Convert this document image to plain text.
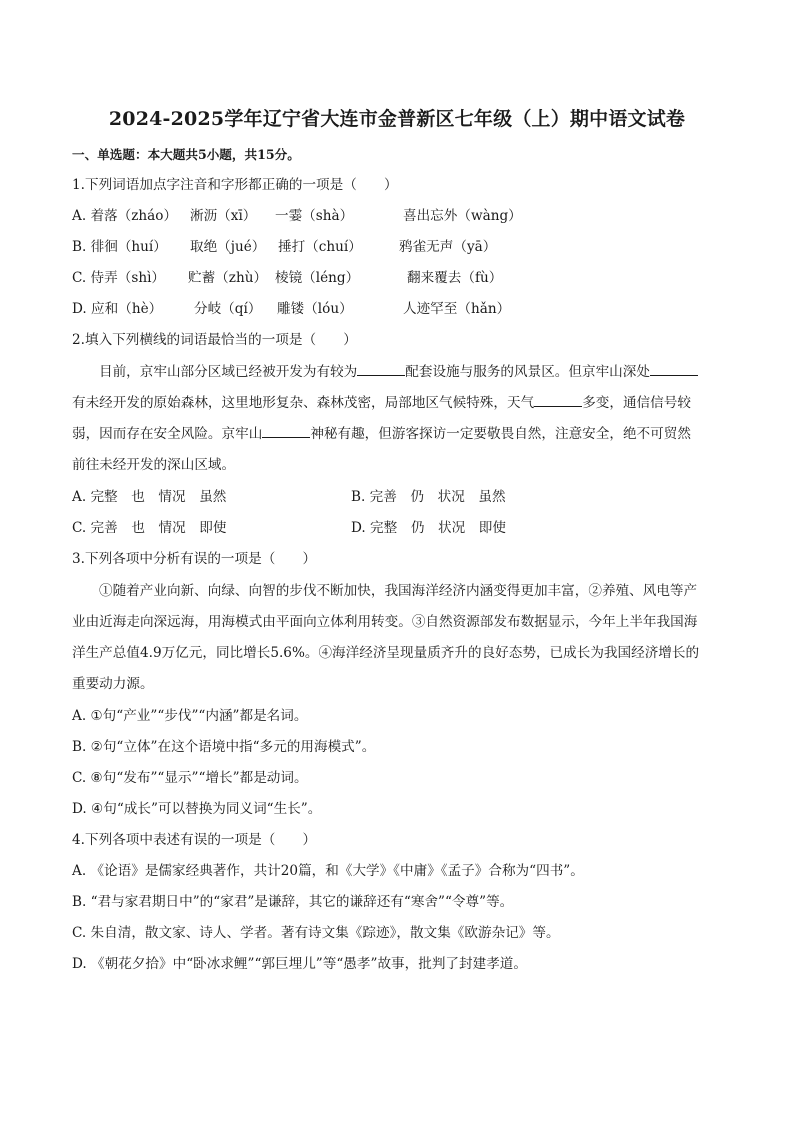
2024-2025学年辽宁省大连市金普新区七年级（上）期中语文试卷
一、单选题：本大题共5小题，共15分。
1.下列词语加点字注音和字形都正确的一项是（　　）
A. 着落（zháo） 淅沥（xī） 一霎（shà）	喜出忘外（wàng）
B. 徘徊（huí） 取绝（jué） 捶打（chuí）	鸦雀无声（yā）
C. 侍弄（shì） 贮蓄（zhù） 棱镜（léng）	翻来覆去（fù）
D. 应和（hè） 分岐（qí） 雕镂（lóu）	人迹罕至（hǎn）
2.填入下列横线的词语最恰当的一项是（　　）
目前，京牢山部分区域已经被开发为有较为	配套设施与服务的风景区。但京牢山深处
有未经开发的原始森林，这里地形复杂、森林茂密，局部地区气候特殊，天气	多变，通信信号较
弱，因而存在安全风险。京牢山	神秘有趣，但游客探访一定要敬畏自然，注意安全，绝不可贸然
前往未经开发的深山区域。
A. 完整　也　情况　虽然	B. 完善　仍　状况　虽然
C. 完善　也　情况　即使	D. 完整　仍　状况　即使
3.下列各项中分析有误的一项是（　　）
①随着产业向新、向绿、向智的步伐不断加快，我国海洋经济内涵变得更加丰富，②养殖、风电等产
业由近海走向深远海，用海模式由平面向立体利用转变。③自然资源部发布数据显示，今年上半年我国海
洋生产总值4.9万亿元，同比增长5.6%。④海洋经济呈现量质齐升的良好态势，已成长为我国经济增长的
重要动力源。
A. ①句“产业”“步伐”“内涵”都是名词。
B. ②句“立体”在这个语境中指“多元的用海模式”。
C. ⑧句“发布”“显示”“增长”都是动词。
D. ④句“成长”可以替换为同义词“生长”。
4.下列各项中表述有误的一项是（　　）
A. 《论语》是儒家经典著作，共计20篇，和《大学》《中庸》《孟子》合称为“四书”。
B. “君与家君期日中”的“家君”是谦辞，其它的谦辞还有“寒舍”“令尊”等。
C. 朱自清，散文家、诗人、学者。著有诗文集《踪迹》，散文集《欧游杂记》等。
D. 《朝花夕拾》中“卧冰求鲤”“郭巨埋儿”等“愚孝”故事，批判了封建孝道。
